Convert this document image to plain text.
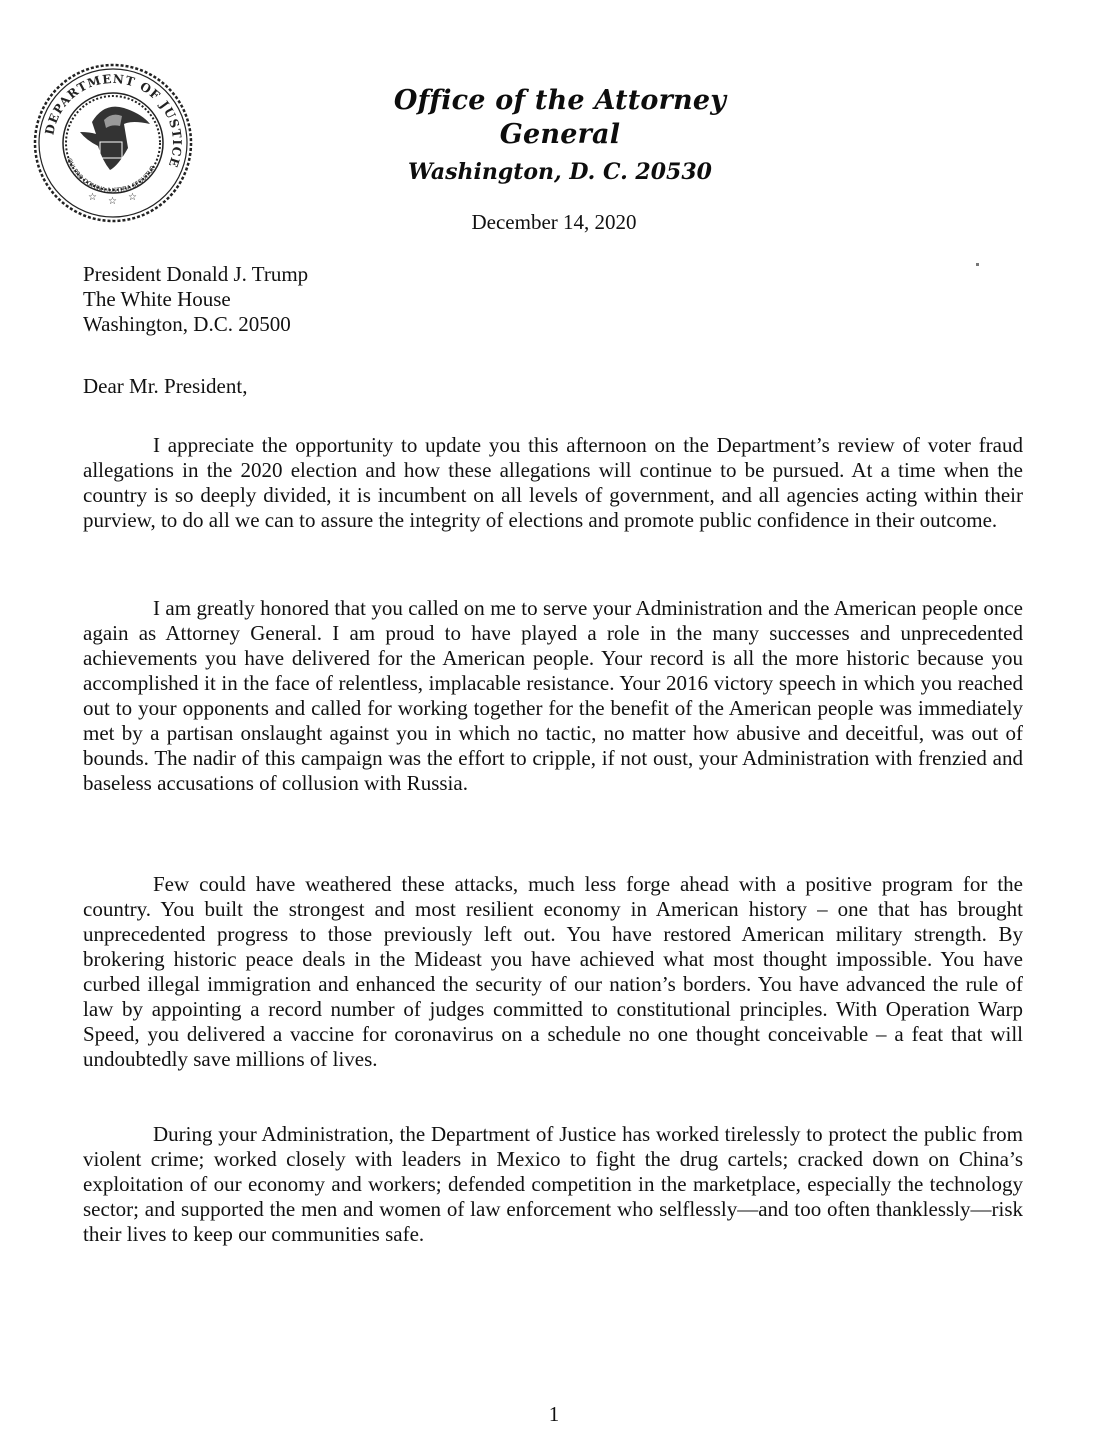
DEPARTMENT OF JUSTICE
QUI PRO DOMINA JUSTITIA SEQUITUR
☆ ☆ ☆
Office of the Attorney General
Washington, D. C. 20530
December 14, 2020
President Donald J. Trump
The White House
Washington, D.C. 20500
Dear Mr. President,
I appreciate the opportunity to update you this afternoon on the Department’s review of voter fraud allegations in the 2020 election and how these allegations will continue to be pursued. At a time when the country is so deeply divided, it is incumbent on all levels of government, and all agencies acting within their purview, to do all we can to assure the integrity of elections and promote public confidence in their outcome.
I am greatly honored that you called on me to serve your Administration and the American people once again as Attorney General. I am proud to have played a role in the many successes and unprecedented achievements you have delivered for the American people. Your record is all the more historic because you accomplished it in the face of relentless, implacable resistance. Your 2016 victory speech in which you reached out to your opponents and called for working together for the benefit of the American people was immediately met by a partisan onslaught against you in which no tactic, no matter how abusive and deceitful, was out of bounds. The nadir of this campaign was the effort to cripple, if not oust, your Administration with frenzied and baseless accusations of collusion with Russia.
Few could have weathered these attacks, much less forge ahead with a positive program for the country. You built the strongest and most resilient economy in American history – one that has brought unprecedented progress to those previously left out. You have restored American military strength. By brokering historic peace deals in the Mideast you have achieved what most thought impossible. You have curbed illegal immigration and enhanced the security of our nation’s borders. You have advanced the rule of law by appointing a record number of judges committed to constitutional principles. With Operation Warp Speed, you delivered a vaccine for coronavirus on a schedule no one thought conceivable – a feat that will undoubtedly save millions of lives.
During your Administration, the Department of Justice has worked tirelessly to protect the public from violent crime; worked closely with leaders in Mexico to fight the drug cartels; cracked down on China’s exploitation of our economy and workers; defended competition in the marketplace, especially the technology sector; and supported the men and women of law enforcement who selflessly—and too often thanklessly—risk their lives to keep our communities safe.
1
